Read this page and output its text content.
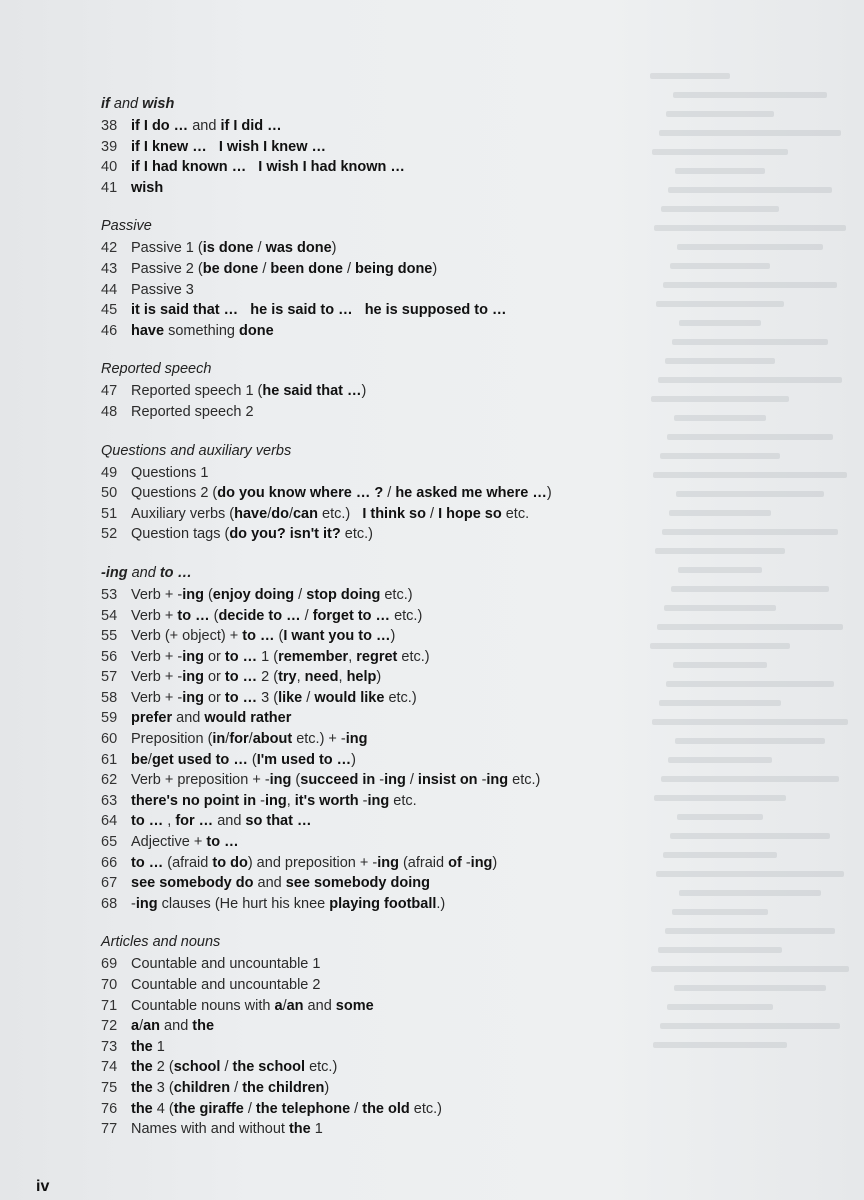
if and wish
38 if I do … and if I did …
39 if I knew … I wish I knew …
40 if I had known … I wish I had known …
41 wish
Passive
42 Passive 1 (is done / was done)
43 Passive 2 (be done / been done / being done)
44 Passive 3
45 it is said that … he is said to … he is supposed to …
46 have something done
Reported speech
47 Reported speech 1 (he said that …)
48 Reported speech 2
Questions and auxiliary verbs
49 Questions 1
50 Questions 2 (do you know where … ? / he asked me where …)
51 Auxiliary verbs (have/do/can etc.)   I think so / I hope so etc.
52 Question tags (do you? isn't it? etc.)
-ing and to …
53 Verb + -ing (enjoy doing / stop doing etc.)
54 Verb + to … (decide to … / forget to … etc.)
55 Verb (+ object) + to … (I want you to …)
56 Verb + -ing or to … 1 (remember, regret etc.)
57 Verb + -ing or to … 2 (try, need, help)
58 Verb + -ing or to … 3 (like / would like etc.)
59 prefer and would rather
60 Preposition (in/for/about etc.) + -ing
61 be/get used to … (I'm used to …)
62 Verb + preposition + -ing (succeed in -ing / insist on -ing etc.)
63 there's no point in -ing, it's worth -ing etc.
64 to … , for … and so that …
65 Adjective + to …
66 to … (afraid to do) and preposition + -ing (afraid of -ing)
67 see somebody do and see somebody doing
68 -ing clauses (He hurt his knee playing football.)
Articles and nouns
69 Countable and uncountable 1
70 Countable and uncountable 2
71 Countable nouns with a/an and some
72 a/an and the
73 the 1
74 the 2 (school / the school etc.)
75 the 3 (children / the children)
76 the 4 (the giraffe / the telephone / the old etc.)
77 Names with and without the 1
iv
